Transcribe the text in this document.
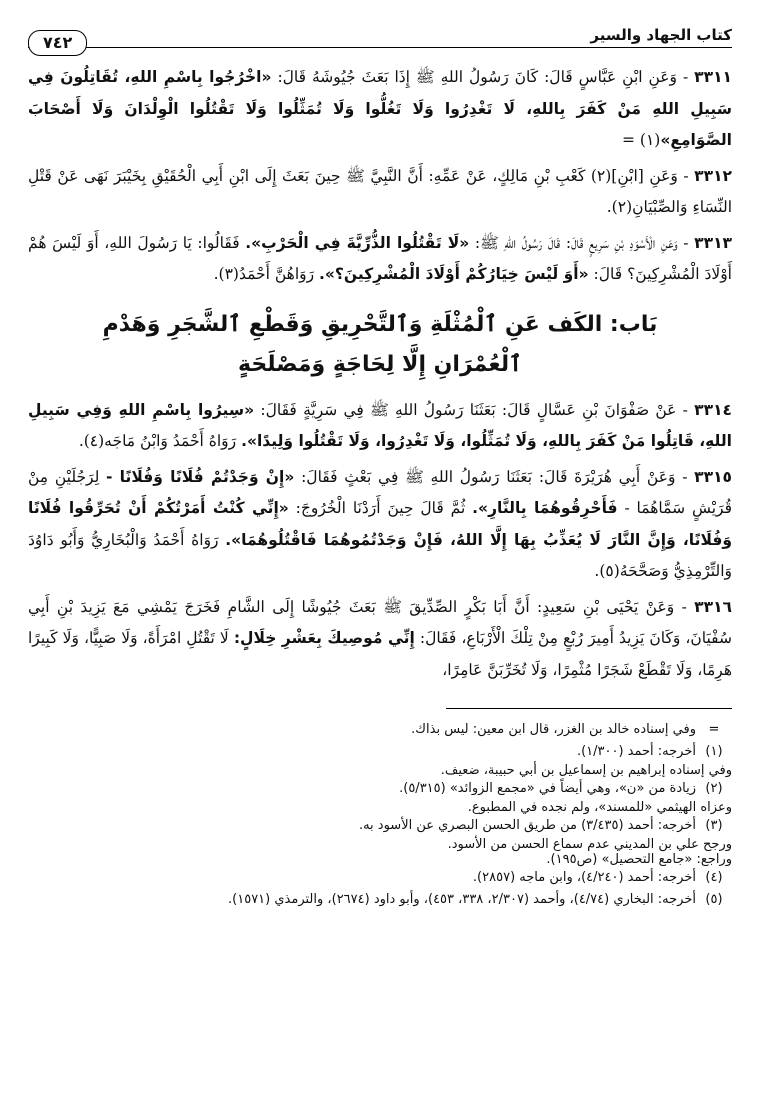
كتاب الجهاد والسير
٧٤٢

٣٣١١ - وَعَنِ ابْنِ عَبَّاسٍ قَالَ: كَانَ رَسُولُ اللهِ ﷺ إِذَا بَعَثَ جُيُوشَهُ قَالَ: «اخْرُجُوا بِاسْمِ اللهِ، تُقَاتِلُونَ فِي سَبِيلِ اللهِ مَنْ كَفَرَ بِاللهِ، لَا تَغْدِرُوا وَلَا تَغُلُّوا وَلَا تُمَثِّلُوا وَلَا تَقْتُلُوا الْوِلْدَانَ وَلَا أَصْحَابَ الصَّوَامِعِ»(١) =

٣٣١٢ - وَعَنِ [ابْنِ](٢) كَعْبِ بْنِ مَالِكٍ، عَنْ عَمِّهِ: أَنَّ النَّبِيَّ ﷺ حِينَ بَعَثَ إِلَى ابْنِ أَبِي الْحُقَيْقِ بِخَيْبَرَ نَهَى عَنْ قَتْلِ النِّسَاءِ وَالصِّبْيَانِ(٢).

٣٣١٣ - وَعَنِ الْأَسْوَدِ بْنِ سَرِيعٍ قَالَ: قَالَ رَسُولُ اللهِ ﷺ: «لَا تَقْتُلُوا الذُّرِّيَّةَ فِي الْحَرْبِ». فَقَالُوا: يَا رَسُولَ اللهِ، أَوَ لَيْسَ هُمْ أَوْلَادَ الْمُشْرِكِينَ؟ قَالَ: «أَوَ لَيْسَ خِيَارُكُمْ أَوْلَادَ الْمُشْرِكِينَ؟». رَوَاهُنَّ أَحْمَدُ(٣).

بَاب: الكَف عَنِ ٱلْمُثْلَةِ وَٱلتَّحْرِيقِ وَقَطْعِ ٱلشَّجَرِ وَهَدْمِ
ٱلْعُمْرَانِ إِلَّا لِحَاجَةٍ وَمَصْلَحَةٍ

٣٣١٤ - عَنْ صَفْوَانَ بْنِ عَسَّالٍ قَالَ: بَعَثَنَا رَسُولُ اللهِ ﷺ فِي سَرِيَّةٍ فَقَالَ: «سِيرُوا بِاسْمِ اللهِ وَفِي سَبِيلِ اللهِ، قَاتِلُوا مَنْ كَفَرَ بِاللهِ، وَلَا تُمَثِّلُوا، وَلَا تَغْدِرُوا، وَلَا تَقْتُلُوا وَلِيدًا». رَوَاهُ أَحْمَدُ وَابْنُ مَاجَه(٤).

٣٣١٥ - وَعَنْ أَبِي هُرَيْرَةَ قَالَ: بَعَثَنَا رَسُولُ اللهِ ﷺ فِي بَعْثٍ فَقَالَ: «إِنْ وَجَدْتُمْ فُلَانًا وَفُلَانًا - لِرَجُلَيْنِ مِنْ قُرَيْشٍ سَمَّاهُمَا - فَأَحْرِقُوهُمَا بِالنَّارِ». ثُمَّ قَالَ حِينَ أَرَدْنَا الْخُرُوجَ: «إِنِّي كُنْتُ أَمَرْتُكُمْ أَنْ تُحَرِّقُوا فُلَانًا وَفُلَانًا، وَإِنَّ النَّارَ لَا يُعَذِّبُ بِهَا إِلَّا اللهُ، فَإِنْ وَجَدْتُمُوهُمَا فَاقْتُلُوهُمَا». رَوَاهُ أَحْمَدُ وَالْبُخَارِيُّ وَأَبُو دَاوُدَ وَالتِّرْمِذِيُّ وَصَحَّحَهُ(٥).

٣٣١٦ - وَعَنْ يَحْيَى بْنِ سَعِيدٍ: أَنَّ أَبَا بَكْرٍ الصِّدِّيقَ ﷺ بَعَثَ جُيُوشًا إِلَى الشَّامِ فَخَرَجَ يَمْشِي مَعَ يَزِيدَ بْنِ أَبِي سُفْيَانَ، وَكَانَ يَزِيدُ أَمِيرَ رُبْعٍ مِنْ تِلْكَ الْأَرْبَاعِ، فَقَالَ: إِنِّي مُوصِيكَ بِعَشْرِ خِلَالٍ: لَا تَقْتُلِ امْرَأَةً، وَلَا صَبِيًّا، وَلَا كَبِيرًا هَرِمًا، وَلَا تَقْطَعْ شَجَرًا مُثْمِرًا، وَلَا تُخَرِّبَنَّ عَامِرًا،

=
وفي إسناده خالد بن الغزر، قال ابن معين: ليس بذاك.
(١)
أخرجه: أحمد (١/٣٠٠).
وفي إسناده إبراهيم بن إسماعيل بن أبي حبيبة، ضعيف.
(٢)
زيادة من «ن»، وهي أيضاً في «مجمع الزوائد» (٥/٣١٥).
وعزاه الهيثمي «للمسند»، ولم نجده في المطبوع.
(٣)
أخرجه: أحمد (٣/٤٣٥) من طريق الحسن البصري عن الأسود به.
ورجح علي بن المديني عدم سماع الحسن من الأسود.
وراجع: «جامع التحصيل» (ص١٩٥).
(٤)
أخرجه: أحمد (٤/٢٤٠)، وابن ماجه (٢٨٥٧).
(٥)
أخرجه: البخاري (٤/٧٤)، وأحمد (٢/٣٠٧، ٣٣٨، ٤٥٣)، وأبو داود (٢٦٧٤)، والترمذي (١٥٧١).
